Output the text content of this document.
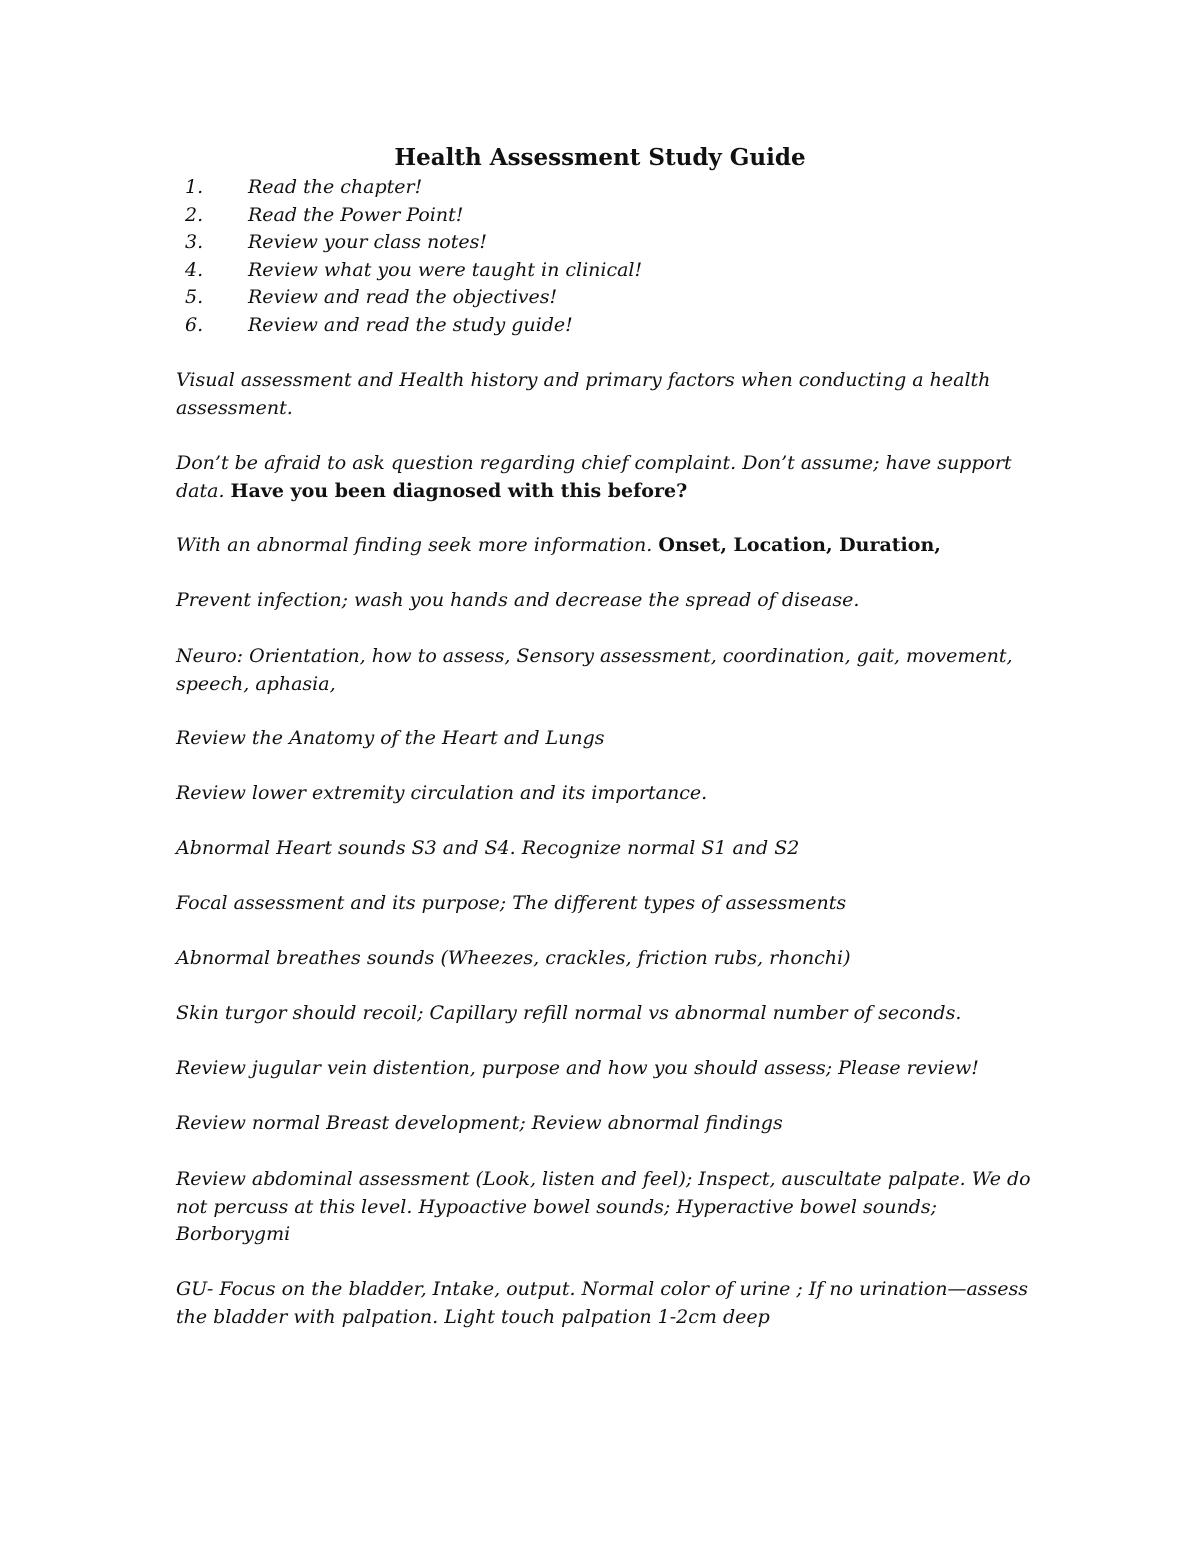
Health Assessment Study Guide
1. Read the chapter!
2. Read the Power Point!
3. Review your class notes!
4. Review what you were taught in clinical!
5. Review and read the objectives!
6. Review and read the study guide!

Visual assessment and Health history and primary factors when conducting a health assessment.

Don’t be afraid to ask question regarding chief complaint. Don’t assume; have support data. Have you been diagnosed with this before?

With an abnormal finding seek more information. Onset, Location, Duration,

Prevent infection; wash you hands and decrease the spread of disease.

Neuro: Orientation, how to assess, Sensory assessment, coordination, gait, movement, speech, aphasia,

Review the Anatomy of the Heart and Lungs

Review lower extremity circulation and its importance.

Abnormal Heart sounds S3 and S4. Recognize normal S1 and S2

Focal assessment and its purpose; The different types of assessments

Abnormal breathes sounds (Wheezes, crackles, friction rubs, rhonchi)

Skin turgor should recoil; Capillary refill normal vs abnormal number of seconds.

Review jugular vein distention, purpose and how you should assess; Please review!

Review normal Breast development; Review abnormal findings

Review abdominal assessment (Look, listen and feel); Inspect, auscultate palpate. We do not percuss at this level. Hypoactive bowel sounds; Hyperactive bowel sounds; Borborygmi

GU- Focus on the bladder, Intake, output. Normal color of urine ; If no urination—assess the bladder with palpation. Light touch palpation 1-2cm deep
